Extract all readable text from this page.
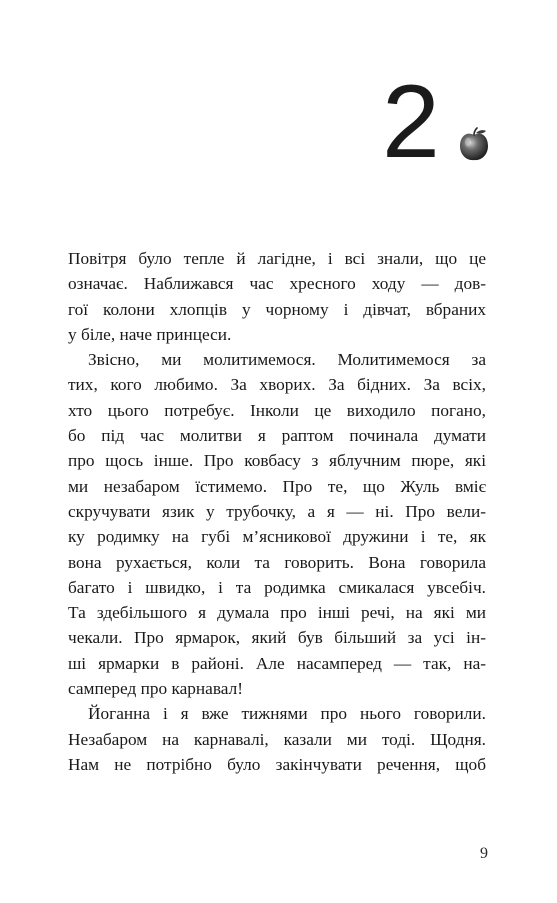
2
Повітря було тепле й лагідне, і всі знали, що це
означає. Наближався час хресного ходу — дов-
гої колони хлопців у чорному і дівчат, вбраних
у біле, наче принцеси.
Звісно, ми молитимемося. Молитимемося за
тих, кого любимо. За хворих. За бідних. За всіх,
хто цього потребує. Інколи це виходило погано,
бо під час молитви я раптом починала думати
про щось інше. Про ковбасу з яблучним пюре, які
ми незабаром їстимемо. Про те, що Жуль вміє
скручувати язик у трубочку, а я — ні. Про вели-
ку родимку на губі м’ясникової дружини і те, як
вона рухається, коли та говорить. Вона говорила
багато і швидко, і та родимка смикалася увсебіч.
Та здебільшого я думала про інші речі, на які ми
чекали. Про ярмарок, який був більший за усі ін-
ші ярмарки в районі. Але насамперед — так, на-
самперед про карнавал!
Йоганна і я вже тижнями про нього говорили.
Незабаром на карнавалі, казали ми тоді. Щодня.
Нам не потрібно було закінчувати речення, щоб
9
